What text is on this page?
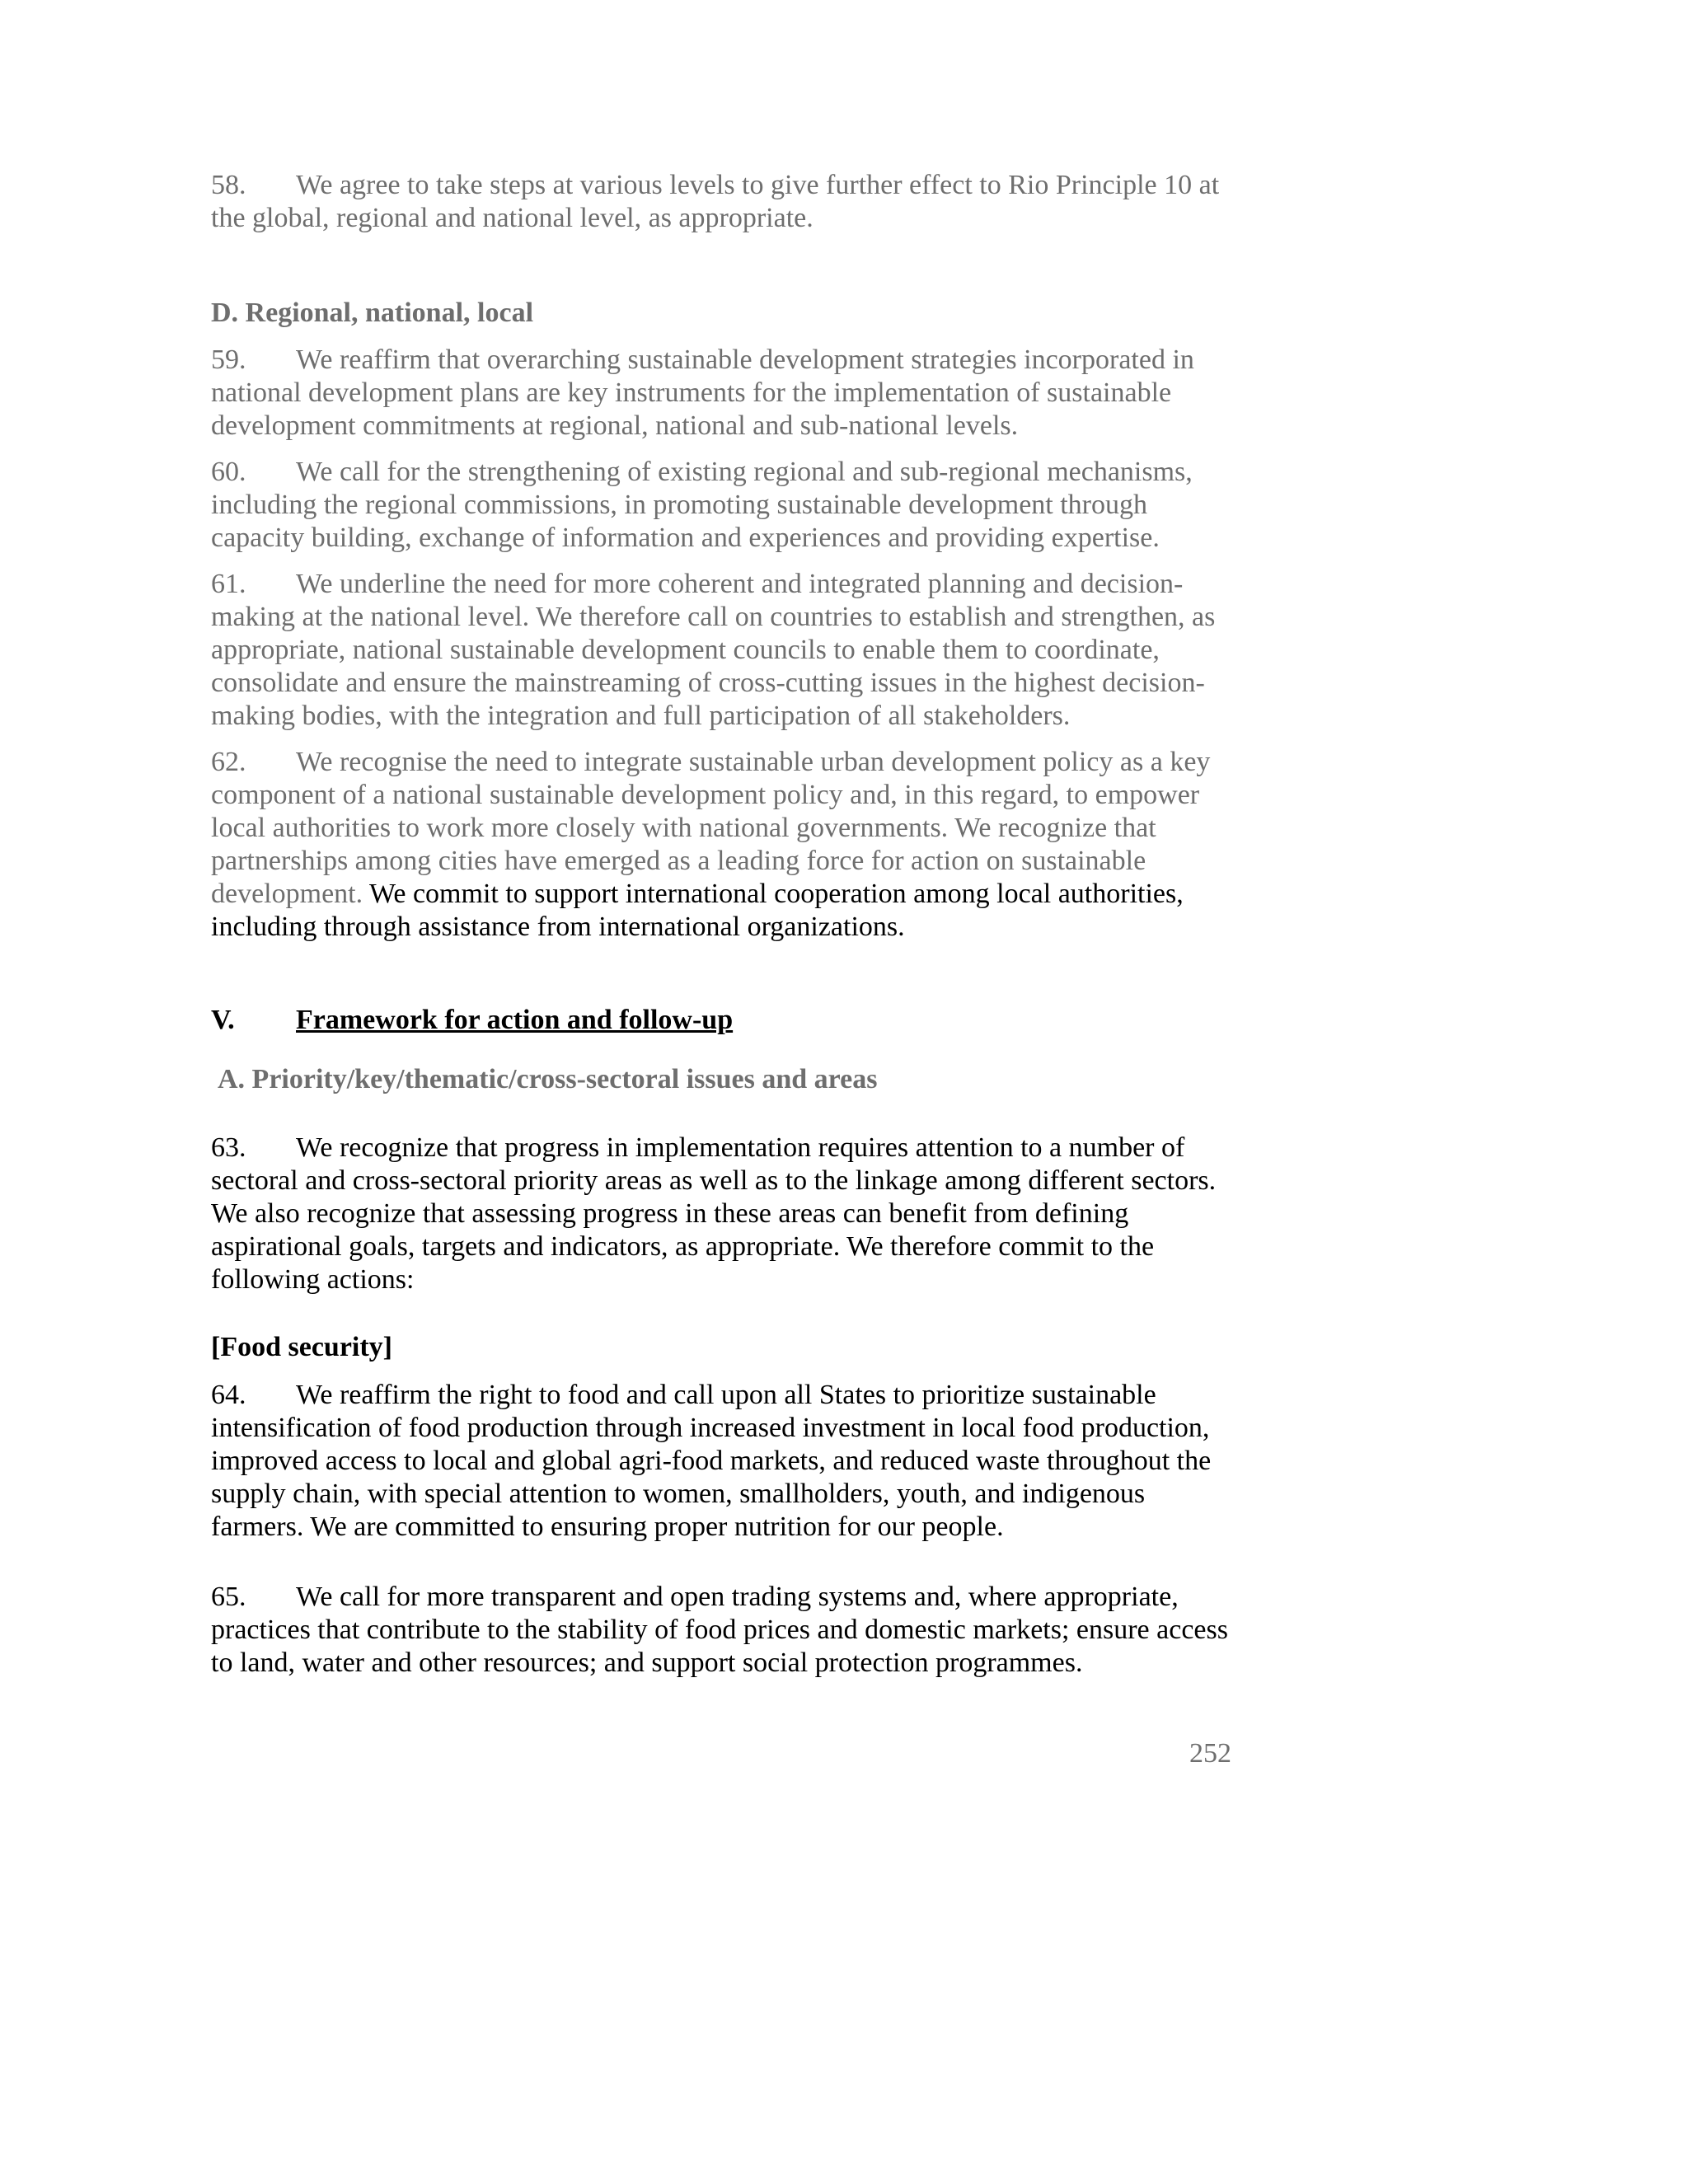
58. We agree to take steps at various levels to give further effect to Rio Principle 10 at the global, regional and national level, as appropriate.

D. Regional, national, local

59. We reaffirm that overarching sustainable development strategies incorporated in national development plans are key instruments for the implementation of sustainable development commitments at regional, national and sub-national levels.

60. We call for the strengthening of existing regional and sub-regional mechanisms, including the regional commissions, in promoting sustainable development through capacity building, exchange of information and experiences and providing expertise.

61. We underline the need for more coherent and integrated planning and decision-making at the national level. We therefore call on countries to establish and strengthen, as appropriate, national sustainable development councils to enable them to coordinate, consolidate and ensure the mainstreaming of cross-cutting issues in the highest decision-making bodies, with the integration and full participation of all stakeholders.

62. We recognise the need to integrate sustainable urban development policy as a key component of a national sustainable development policy and, in this regard, to empower local authorities to work more closely with national governments. We recognize that partnerships among cities have emerged as a leading force for action on sustainable development. We commit to support international cooperation among local authorities, including through assistance from international organizations.

V.	Framework for action and follow-up

A. Priority/key/thematic/cross-sectoral issues and areas

63. We recognize that progress in implementation requires attention to a number of sectoral and cross-sectoral priority areas as well as to the linkage among different sectors. We also recognize that assessing progress in these areas can benefit from defining aspirational goals, targets and indicators, as appropriate. We therefore commit to the following actions:

[Food security]

64. We reaffirm the right to food and call upon all States to prioritize sustainable intensification of food production through increased investment in local food production, improved access to local and global agri-food markets, and reduced waste throughout the supply chain, with special attention to women, smallholders, youth, and indigenous farmers. We are committed to ensuring proper nutrition for our people.

65. We call for more transparent and open trading systems and, where appropriate, practices that contribute to the stability of food prices and domestic markets; ensure access to land, water and other resources; and support social protection programmes.

252
